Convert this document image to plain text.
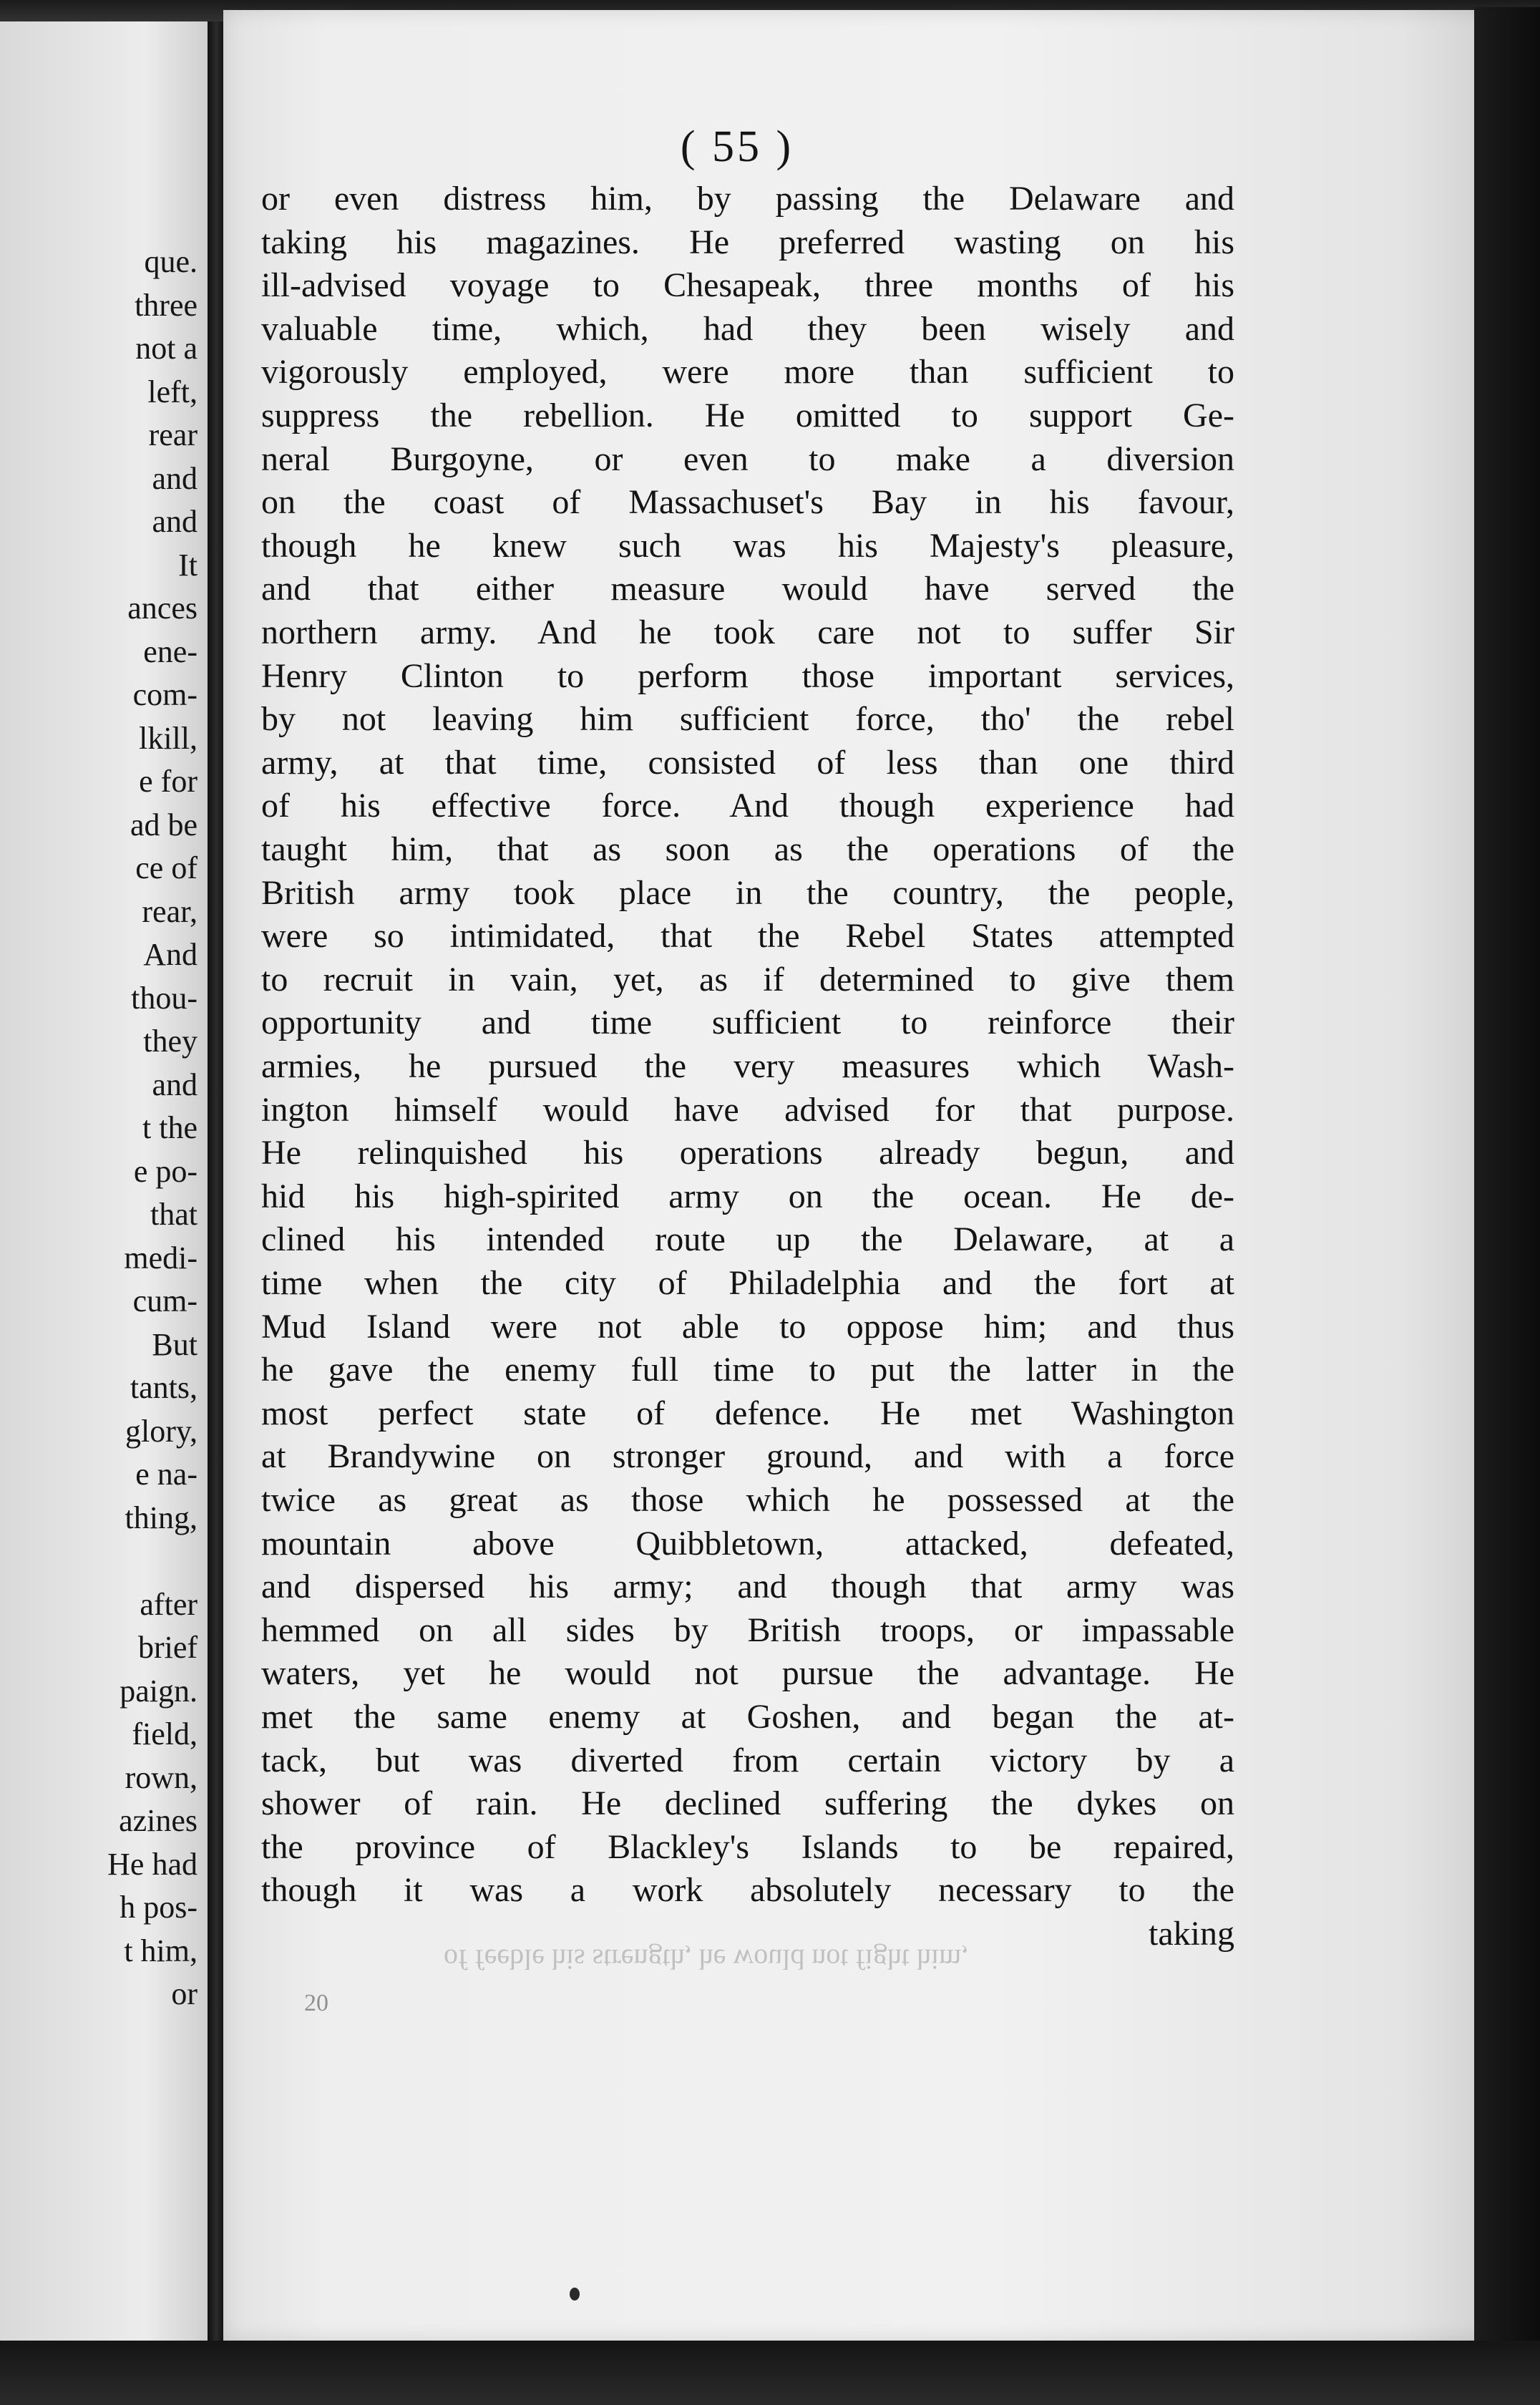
que.
three
not a
left,
rear
and
and
It
ances
ene-
com-
lkill,
e for
ad be
ce of
rear,
And
thou-
they
and
t the
e po-
that
medi-
cum-
But
tants,
glory,
e na-
thing,
after
brief
paign.
field,
rown,
azines
He had
h pos-
t him,
or
( 55 )
or even distress him, by passing the Delaware and
taking his magazines. He preferred wasting on his
ill-advised voyage to Chesapeak, three months of his
valuable time, which, had they been wisely and
vigorously employed, were more than sufficient to
suppress the rebellion. He omitted to support Ge-
neral Burgoyne, or even to make a diversion
on the coast of Massachuset's Bay in his favour,
though he knew such was his Majesty's pleasure,
and that either measure would have served the
northern army. And he took care not to suffer Sir
Henry Clinton to perform those important services,
by not leaving him sufficient force, tho' the rebel
army, at that time, consisted of less than one third
of his effective force. And though experience had
taught him, that as soon as the operations of the
British army took place in the country, the people,
were so intimidated, that the Rebel States attempted
to recruit in vain, yet, as if determined to give them
opportunity and time sufficient to reinforce their
armies, he pursued the very measures which Wash-
ington himself would have advised for that purpose.
He relinquished his operations already begun, and
hid his high-spirited army on the ocean. He de-
clined his intended route up the Delaware, at a
time when the city of Philadelphia and the fort at
Mud Island were not able to oppose him; and thus
he gave the enemy full time to put the latter in the
most perfect state of defence. He met Washington
at Brandywine on stronger ground, and with a force
twice as great as those which he possessed at the
mountain above Quibbletown, attacked, defeated,
and dispersed his army; and though that army was
hemmed on all sides by British troops, or impassable
waters, yet he would not pursue the advantage. He
met the same enemy at Goshen, and began the at-
tack, but was diverted from certain victory by a
shower of rain. He declined suffering the dykes on
the province of Blackley's Islands to be repaired,
though it was a work absolutely necessary to the
taking
of feeble his strength, he would not fight him,
20
